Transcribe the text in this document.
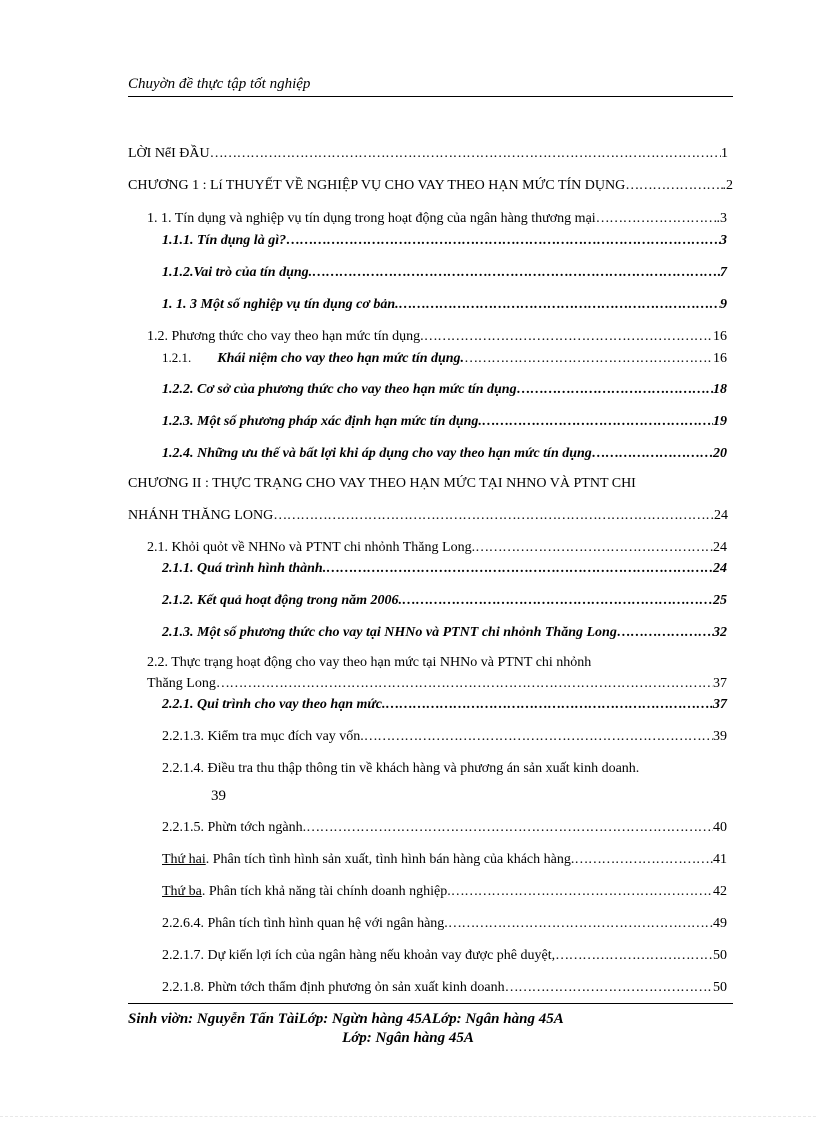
Chuyờn đề thực tập tốt nghiệp
LỜI NểI ĐẦU …………………………………………………………………………………………………………………………………………………………………………………………………………………………………	1
CHƯƠNG 1 : Lí THUYẾT VỀ NGHIỆP VỤ CHO VAY THEO HẠN MỨC TÍN DỤNG …………………………………………………………………………………………………………………………………………………………………………………………………………………………………	.2
1. 1. Tín dụng và nghiệp vụ tín dụng trong hoạt động của ngân hàng thương mại …………………………………………………………………………………………………………………………………………………………………………………………………………………………………	.3
1.1.1. Tín dụng là gì? …………………………………………………………………………………………………………………………………………………………………………………………………………………………………	3
1.1.2.Vai trò của tín dụng. …………………………………………………………………………………………………………………………………………………………………………………………………………………………………	7
1. 1. 3 Một số nghiệp vụ tín dụng cơ bản. …………………………………………………………………………………………………………………………………………………………………………………………………………………………………	9
1.2. Phương thức cho vay theo hạn mức tín dụng. …………………………………………………………………………………………………………………………………………………………………………………………………………………………………	16
1.2.1. Khái niệm cho vay theo hạn mức tín dụng. …………………………………………………………………………………………………………………………………………………………………………………………………………………………………	16
1.2.2. Cơ sở của phương thức cho vay theo hạn mức tín dụng …………………………………………………………………………………………………………………………………………………………………………………………………………………………………	18
1.2.3. Một số phương pháp xác định hạn mức tín dụng. …………………………………………………………………………………………………………………………………………………………………………………………………………………………………	19
1.2.4. Những ưu thế và bất lợi khi áp dụng cho vay theo hạn mức tín dụng …………………………………………………………………………………………………………………………………………………………………………………………………………………………………	20
CHƯƠNG II : THỰC TRẠNG CHO VAY THEO HẠN MỨC TẠI NHNO VÀ PTNT CHI
NHÁNH THĂNG LONG …………………………………………………………………………………………………………………………………………………………………………………………………………………………………	24
2.1. Khỏi quỏt về NHNo và PTNT chi nhỏnh Thăng Long. …………………………………………………………………………………………………………………………………………………………………………………………………………………………………	24
2.1.1. Quá trình hình thành. …………………………………………………………………………………………………………………………………………………………………………………………………………………………………	24
2.1.2. Kết quả hoạt động trong năm 2006. …………………………………………………………………………………………………………………………………………………………………………………………………………………………………	25
2.1.3. Một số phương thức cho vay tại NHNo và PTNT chi nhỏnh Thăng Long …………………………………………………………………………………………………………………………………………………………………………………………………………………………………	32
2.2. Thực trạng hoạt động cho vay theo hạn mức tại NHNo và PTNT chi nhỏnh
Thăng Long …………………………………………………………………………………………………………………………………………………………………………………………………………………………………	37
2.2.1. Qui trình cho vay theo hạn mức. …………………………………………………………………………………………………………………………………………………………………………………………………………………………………	37
2.2.1.3. Kiểm tra mục đích vay vốn. …………………………………………………………………………………………………………………………………………………………………………………………………………………………………	39
2.2.1.4. Điều tra thu thập thông tin về khách hàng và phương án sản xuất kinh doanh.
39
2.2.1.5. Phừn tớch ngành. …………………………………………………………………………………………………………………………………………………………………………………………………………………………………	40
Thứ hai . Phân tích tình hình sản xuất, tình hình bán hàng của khách hàng. …………………………………………………………………………………………………………………………………………………………………………………………………………………………………	41
Thứ ba . Phân tích khả năng tài chính doanh nghiệp. …………………………………………………………………………………………………………………………………………………………………………………………………………………………………	42
2.2.6.4. Phân tích tình hình quan hệ với ngân hàng. …………………………………………………………………………………………………………………………………………………………………………………………………………………………………	49
2.2.1.7. Dự kiến lợi ích của ngân hàng nếu khoản vay được phê duyệt, …………………………………………………………………………………………………………………………………………………………………………………………………………………………………	50
2.2.1.8. Phừn tớch thẩm định phương ỏn sản xuất kinh doanh …………………………………………………………………………………………………………………………………………………………………………………………………………………………………	50
Sinh viờn: Nguyễn Tấn TàiLớp: Ngừn hàng 45ALớp: Ngân hàng 45A
Lớp: Ngân hàng 45A
